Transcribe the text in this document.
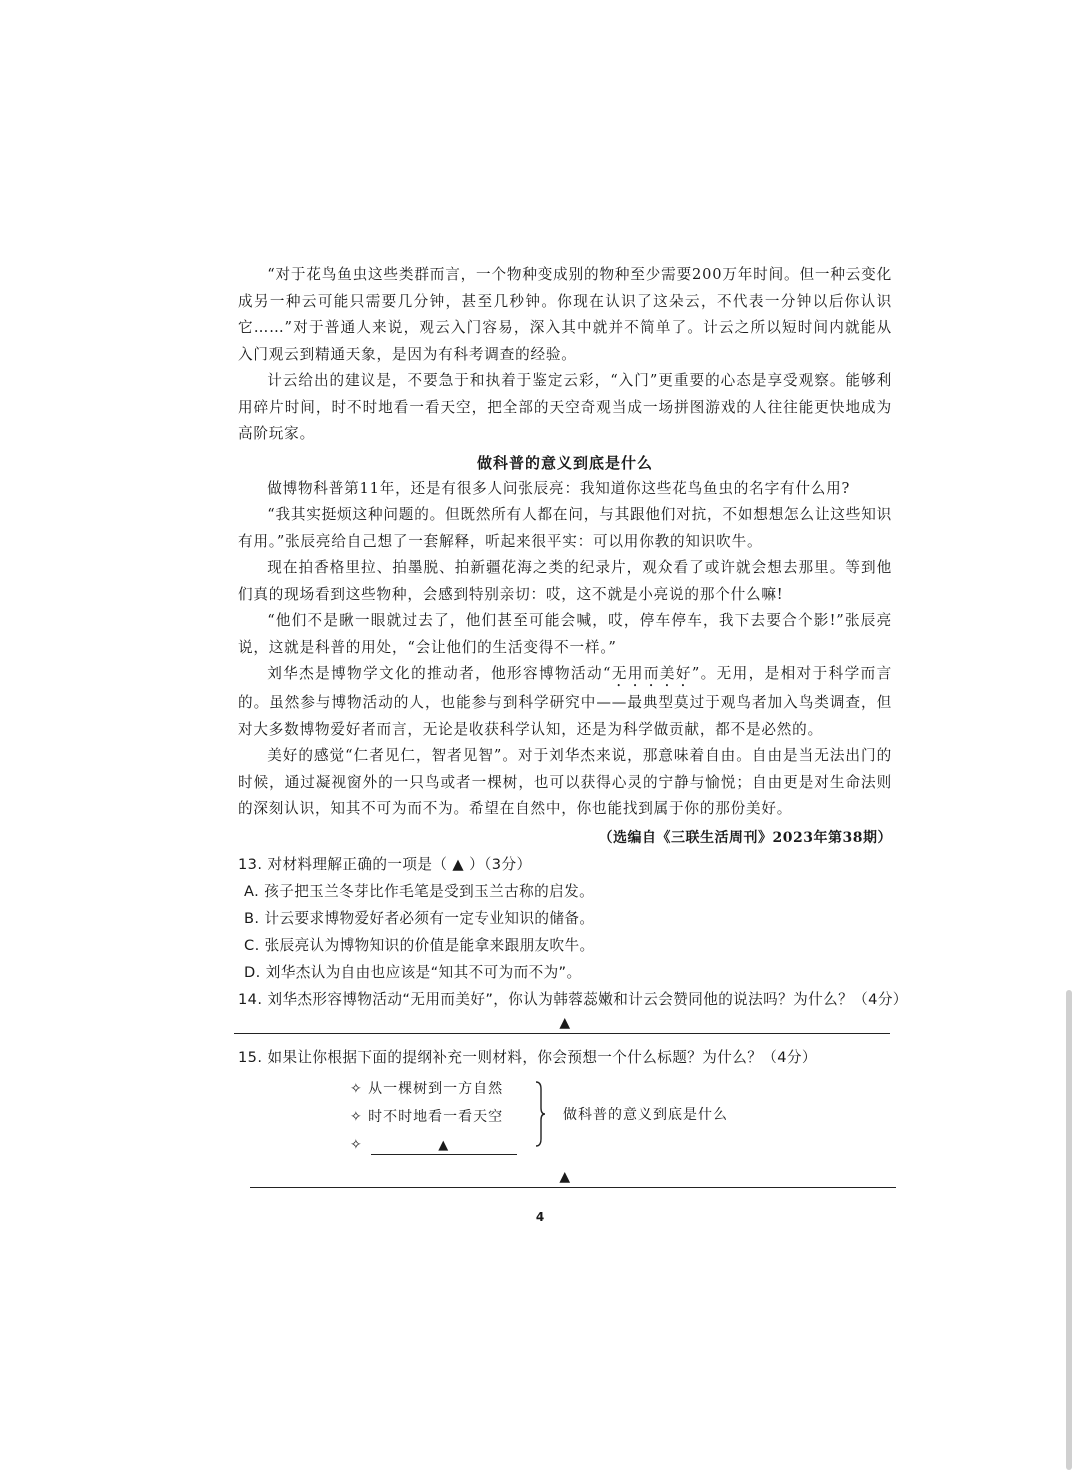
“对于花鸟鱼虫这些类群而言，一个物种变成别的物种至少需要200万年时间。但一种云变化成另一种云可能只需要几分钟，甚至几秒钟。你现在认识了这朵云，不代表一分钟以后你认识它……”对于普通人来说，观云入门容易，深入其中就并不简单了。计云之所以短时间内就能从入门观云到精通天象，是因为有科考调查的经验。

计云给出的建议是，不要急于和执着于鉴定云彩，“入门”更重要的心态是享受观察。能够利用碎片时间，时不时地看一看天空，把全部的天空奇观当成一场拼图游戏的人往往能更快地成为高阶玩家。

做科普的意义到底是什么

做博物科普第11年，还是有很多人问张辰亮：我知道你这些花鸟鱼虫的名字有什么用?

“我其实挺烦这种问题的。但既然所有人都在问，与其跟他们对抗，不如想想怎么让这些知识有用。”张辰亮给自己想了一套解释，听起来很平实：可以用你教的知识吹牛。

现在拍香格里拉、拍墨脱、拍新疆花海之类的纪录片，观众看了或许就会想去那里。等到他们真的现场看到这些物种，会感到特别亲切：哎，这不就是小亮说的那个什么嘛!

“他们不是瞅一眼就过去了，他们甚至可能会喊，哎，停车停车，我下去要合个影!”张辰亮说，这就是科普的用处，“会让他们的生活变得不一样。”

刘华杰是博物学文化的推动者，他形容博物活动“无用而美好”。无用，是相对于科学而言的。虽然参与博物活动的人，也能参与到科学研究中——最典型莫过于观鸟者加入鸟类调查，但对大多数博物爱好者而言，无论是收获科学认知，还是为科学做贡献，都不是必然的。

美好的感觉“仁者见仁，智者见智”。对于刘华杰来说，那意味着自由。自由是当无法出门的时候，通过凝视窗外的一只鸟或者一棵树，也可以获得心灵的宁静与愉悦；自由更是对生命法则的深刻认识，知其不可为而不为。希望在自然中，你也能找到属于你的那份美好。

（选编自《三联生活周刊》2023年第38期）

13. 对材料理解正确的一项是（ ▲ ）（3分）

A. 孩子把玉兰冬芽比作毛笔是受到玉兰古称的启发。

B. 计云要求博物爱好者必须有一定专业知识的储备。

C. 张辰亮认为博物知识的价值是能拿来跟朋友吹牛。

D. 刘华杰认为自由也应该是“知其不可为而不为”。

14. 刘华杰形容博物活动“无用而美好”，你认为韩蓉蕊嫩和计云会赞同他的说法吗？为什么？（4分）

▲

15. 如果让你根据下面的提纲补充一则材料，你会预想一个什么标题？为什么？（4分）

✧ 从一棵树到一方自然
✧ 时不时地看一看天空
✧	▲
做科普的意义到底是什么

▲

4
